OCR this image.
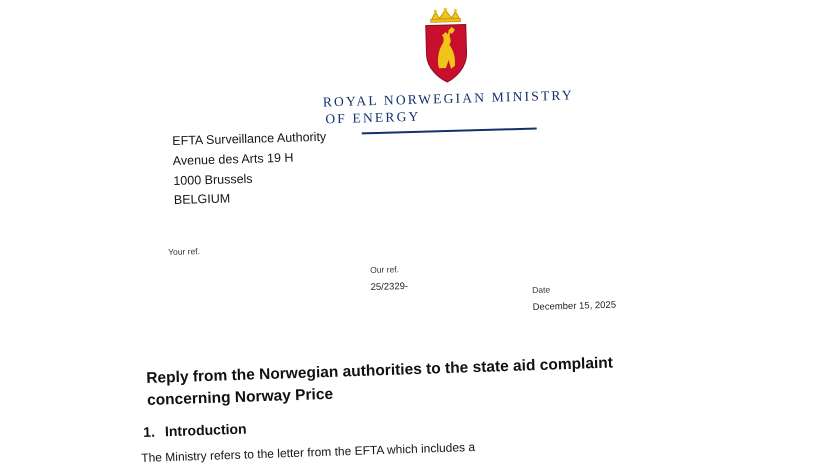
ROYAL NORWEGIAN MINISTRY
OF ENERGY
EFTA Surveillance Authority
Avenue des Arts 19 H
1000 Brussels
BELGIUM
Your ref.
Our ref.
25/2329-	Date
December 15, 2025
Reply from the Norwegian authorities to the state aid complaint concerning Norway Price
1. Introduction
The Ministry refers to the letter from the EFTA which includes a
